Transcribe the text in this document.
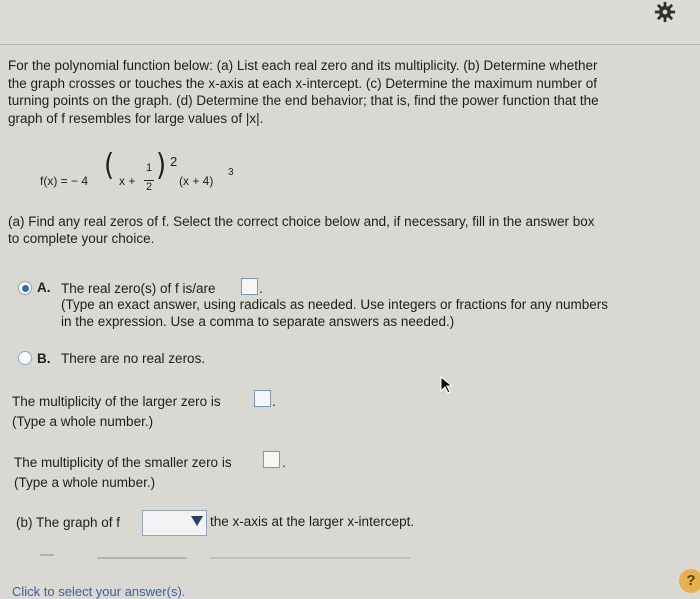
For the polynomial function below: (a) List each real zero and its multiplicity. (b) Determine whether
the graph crosses or touches the x-axis at each x-intercept. (c) Determine the maximum number of
turning points on the graph. (d) Determine the end behavior; that is, find the power function that the
graph of f resembles for large values of |x|.
f(x) = − 4 ( x +
1
2
) 2
(x + 4)
3
(a) Find any real zeros of f. Select the correct choice below and, if necessary, fill in the answer box
to complete your choice.
A. The real zero(s) of f is/are	.
(Type an exact answer, using radicals as needed. Use integers or fractions for any numbers
in the expression. Use a comma to separate answers as needed.)
B. There are no real zeros.
The multiplicity of the larger zero is	.
(Type a whole number.)
The multiplicity of the smaller zero is	.
(Type a whole number.)
(b) The graph of f	the x-axis at the larger x-intercept.
Click to select your answer(s).
?
